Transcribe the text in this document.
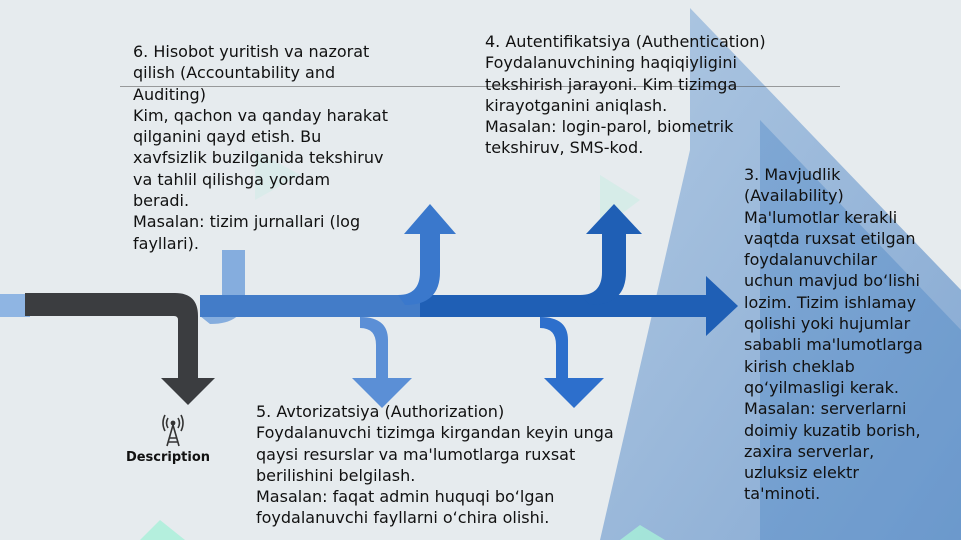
6. Hisobot yuritish va nazorat
qilish (Accountability and
Auditing)
Kim, qachon va qanday harakat
qilganini qayd etish. Bu
xavfsizlik buzilganida tekshiruv
va tahlil qilishga yordam
beradi.
Masalan: tizim jurnallari (log
fayllari).
4. Autentifikatsiya (Authentication)
Foydalanuvchining haqiqiyligini
tekshirish jarayoni. Kim tizimga
kirayotganini aniqlash.
Masalan: login-parol, biometrik
tekshiruv, SMS-kod.
3. Mavjudlik
(Availability)
Ma'lumotlar kerakli
vaqtda ruxsat etilgan
foydalanuvchilar
uchun mavjud bo‘lishi
lozim. Tizim ishlamay
qolishi yoki hujumlar
sababli ma'lumotlarga
kirish cheklab
qo‘yilmasligi kerak.
Masalan: serverlarni
doimiy kuzatib borish,
zaxira serverlar,
uzluksiz elektr
ta'minoti.
5. Avtorizatsiya (Authorization)
Foydalanuvchi tizimga kirgandan keyin unga
qaysi resurslar va ma'lumotlarga ruxsat
berilishini belgilash.
Masalan: faqat admin huquqi bo‘lgan
foydalanuvchi fayllarni o‘chira olishi.
Description
